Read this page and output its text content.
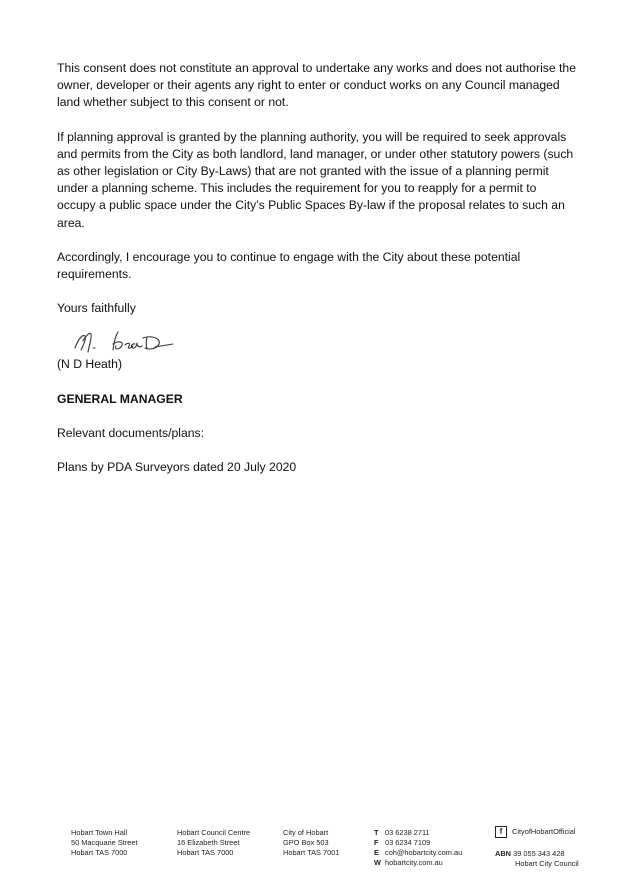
This consent does not constitute an approval to undertake any works and does not authorise the owner, developer or their agents any right to enter or conduct works on any Council managed land whether subject to this consent or not.

If planning approval is granted by the planning authority, you will be required to seek approvals and permits from the City as both landlord, land manager, or under other statutory powers (such as other legislation or City By-Laws) that are not granted with the issue of a planning permit under a planning scheme. This includes the requirement for you to reapply for a permit to occupy a public space under the City’s Public Spaces By-law if the proposal relates to such an area.

Accordingly, I encourage you to continue to engage with the City about these potential requirements.

Yours faithfully

(N D Heath)

GENERAL MANAGER

Relevant documents/plans:

Plans by PDA Surveyors dated 20 July 2020

Hobart Town Hall
50 Macquarie Street
Hobart TAS 7000
Hobart Council Centre
16 Elizabeth Street
Hobart TAS 7000
City of Hobart
GPO Box 503
Hobart TAS 7001
T 03 6238 2711
F 03 6234 7109
E coh@hobartcity.com.au
W hobartcity.com.au
f	CityofHobartOfficial
ABN 39 055 343 428
Hobart City Council
